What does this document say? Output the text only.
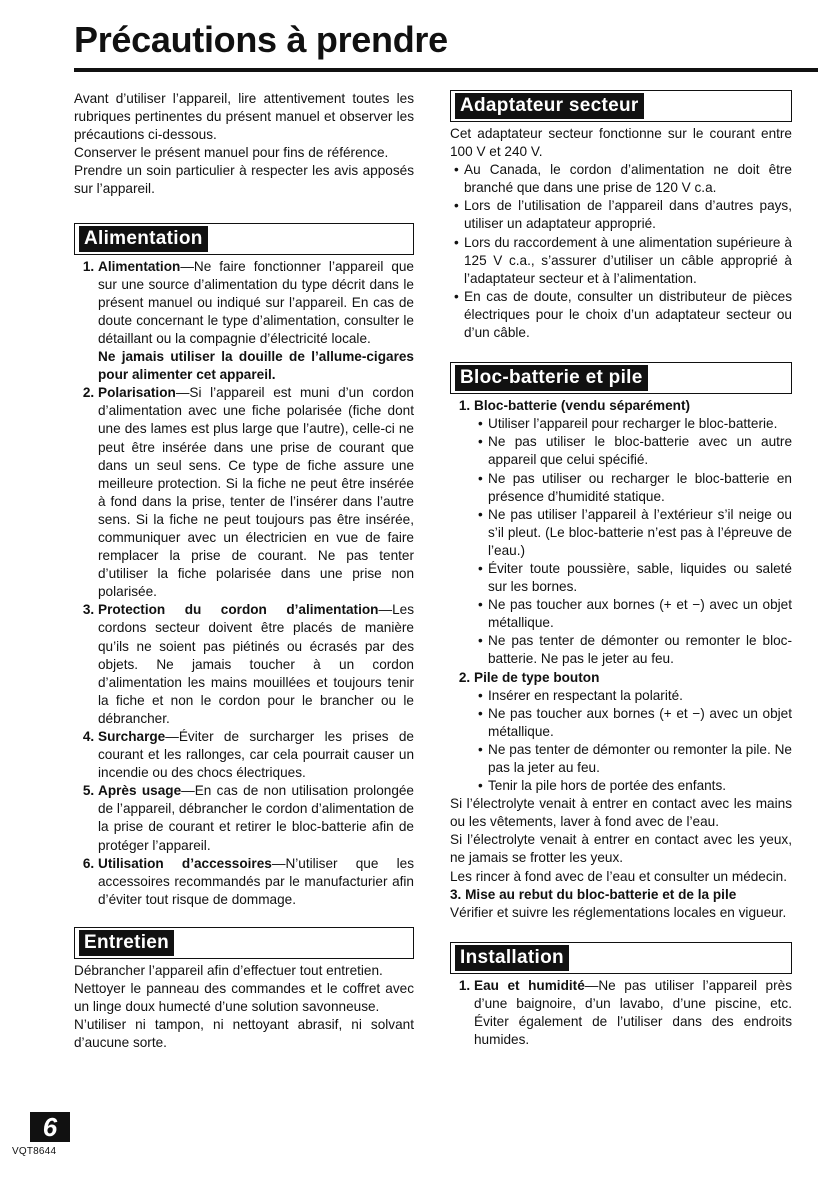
Précautions à prendre

Avant d’utiliser l’appareil, lire attentivement toutes les rubriques pertinentes du présent manuel et observer les précautions ci-dessous.

Conserver le présent manuel pour fins de référence.

Prendre un soin particulier à respecter les avis apposés sur l’appareil.

Alimentation
1. Alimentation—Ne faire fonctionner l’appareil que sur une source d’alimentation du type décrit dans le présent manuel ou indiqué sur l’appareil. En cas de doute concernant le type d’alimentation, consulter le détaillant ou la compagnie d’électricité locale.
Ne jamais utiliser la douille de l’allume-cigares pour alimenter cet appareil.
2. Polarisation—Si l’appareil est muni d’un cordon d’alimentation avec une fiche polarisée (fiche dont une des lames est plus large que l’autre), celle-ci ne peut être insérée dans une prise de courant que dans un seul sens. Ce type de fiche assure une meilleure protection. Si la fiche ne peut être insérée à fond dans la prise, tenter de l’insérer dans l’autre sens. Si la fiche ne peut toujours pas être insérée, communiquer avec un électricien en vue de faire remplacer la prise de courant. Ne pas tenter d’utiliser la fiche polarisée dans une prise non polarisée.
3. Protection du cordon d’alimentation—Les cordons secteur doivent être placés de manière qu’ils ne soient pas piétinés ou écrasés par des objets. Ne jamais toucher à un cordon d’alimentation les mains mouillées et toujours tenir la fiche et non le cordon pour le brancher ou le débrancher.
4. Surcharge—Éviter de surcharger les prises de courant et les rallonges, car cela pourrait causer un incendie ou des chocs électriques.
5. Après usage—En cas de non utilisation prolongée de l’appareil, débrancher le cordon d’alimentation de la prise de courant et retirer le bloc-batterie afin de protéger l’appareil.
6. Utilisation d’accessoires—N’utiliser que les accessoires recommandés par le manufacturier afin d’éviter tout risque de dommage.
Entretien

Débrancher l’appareil afin d’effectuer tout entretien.

Nettoyer le panneau des commandes et le coffret avec un linge doux humecté d’une solution savonneuse.

N’utiliser ni tampon, ni nettoyant abrasif, ni solvant d’aucune sorte.

Adaptateur secteur

Cet adaptateur secteur fonctionne sur le courant entre 100 V et 240 V.

• Au Canada, le cordon d’alimentation ne doit être branché que dans une prise de 120 V c.a.
• Lors de l’utilisation de l’appareil dans d’autres pays, utiliser un adaptateur approprié.
• Lors du raccordement à une alimentation supérieure à 125 V c.a., s’assurer d’utiliser un câble approprié à l’adaptateur secteur et à l’alimentation.
• En cas de doute, consulter un distributeur de pièces électriques pour le choix d’un adaptateur secteur ou d’un câble.
Bloc-batterie et pile
1. Bloc-batterie (vendu séparément)
• Utiliser l’appareil pour recharger le bloc-batterie.
• Ne pas utiliser le bloc-batterie avec un autre appareil que celui spécifié.
• Ne pas utiliser ou recharger le bloc-batterie en présence d’humidité statique.
• Ne pas utiliser l’appareil à l’extérieur s’il neige ou s’il pleut. (Le bloc-batterie n’est pas à l’épreuve de l’eau.)
• Éviter toute poussière, sable, liquides ou saleté sur les bornes.
• Ne pas toucher aux bornes (+ et −) avec un objet métallique.
• Ne pas tenter de démonter ou remonter le bloc-batterie. Ne pas le jeter au feu.
2. Pile de type bouton
• Insérer en respectant la polarité.
• Ne pas toucher aux bornes (+ et −) avec un objet métallique.
• Ne pas tenter de démonter ou remonter la pile. Ne pas la jeter au feu.
• Tenir la pile hors de portée des enfants.

Si l’électrolyte venait à entrer en contact avec les mains ou les vêtements, laver à fond avec de l’eau.

Si l’électrolyte venait à entrer en contact avec les yeux, ne jamais se frotter les yeux.

Les rincer à fond avec de l’eau et consulter un médecin.

3. Mise au rebut du bloc-batterie et de la pile

Vérifier et suivre les réglementations locales en vigueur.

Installation
1. Eau et humidité—Ne pas utiliser l’appareil près d’une baignoire, d’un lavabo, d’une piscine, etc. Éviter également de l’utiliser dans des endroits humides.
6
VQT8644
